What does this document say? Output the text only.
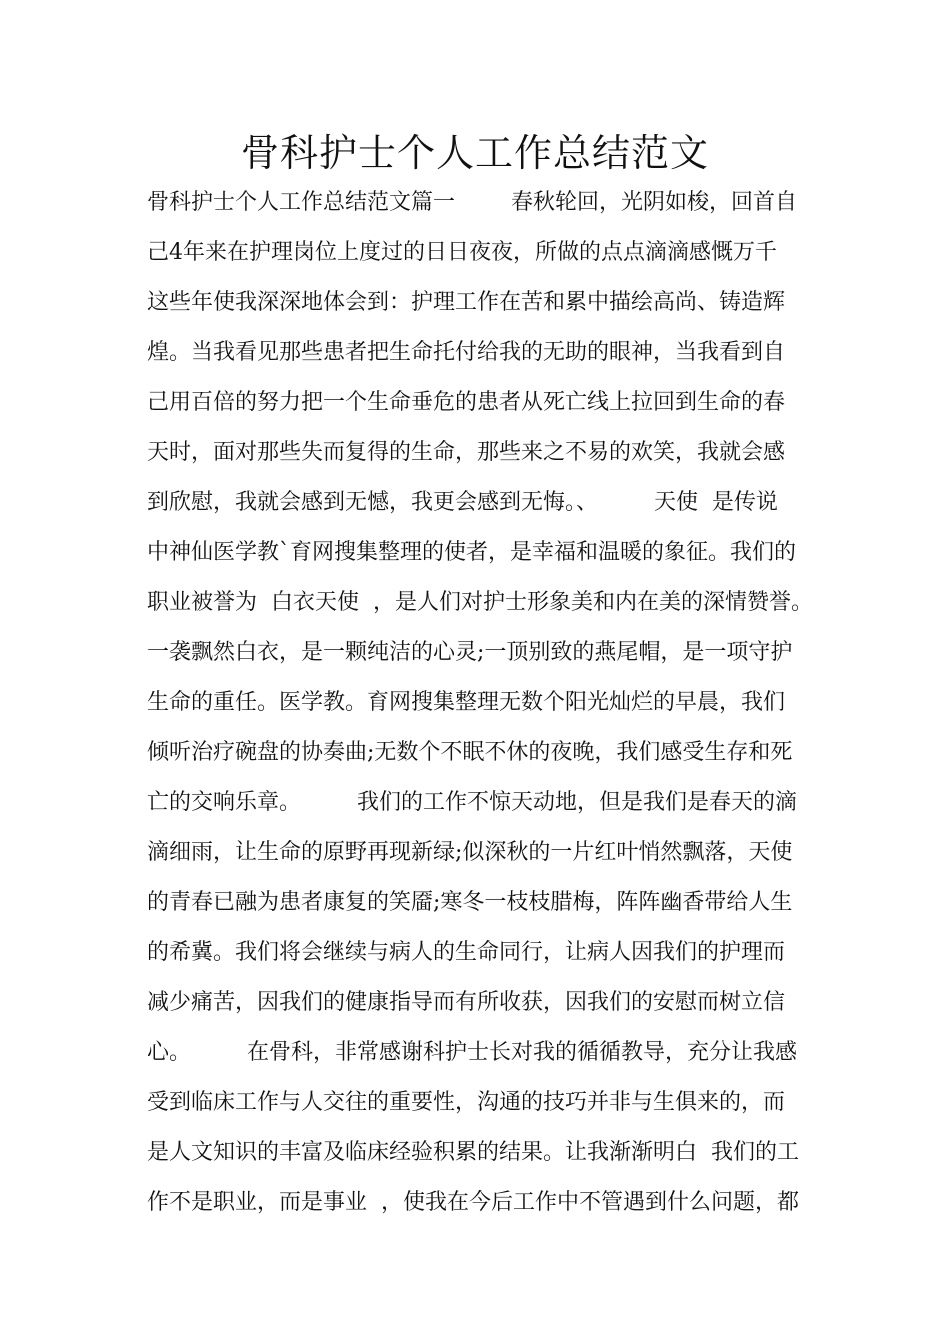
骨科护士个人工作总结范文
骨科护士个人工作总结范文篇一        春秋轮回，光阴如梭，回首自
己4年来在护理岗位上度过的日日夜夜，所做的点点滴滴感慨万千
这些年使我深深地体会到：护理工作在苦和累中描绘高尚、铸造辉
煌。当我看见那些患者把生命托付给我的无助的眼神，当我看到自
己用百倍的努力把一个生命垂危的患者从死亡线上拉回到生命的春
天时，面对那些失而复得的生命，那些来之不易的欢笑，我就会感
到欣慰，我就会感到无憾，我更会感到无悔。、        天使  是传说
中神仙医学教`育网搜集整理的使者，是幸福和温暖的象征。我们的
职业被誉为  白衣天使  ，是人们对护士形象美和内在美的深情赞誉。
一袭飘然白衣，是一颗纯洁的心灵;一顶别致的燕尾帽，是一项守护
生命的重任。医学教。育网搜集整理无数个阳光灿烂的早晨，我们
倾听治疗碗盘的协奏曲;无数个不眠不休的夜晚，我们感受生存和死
亡的交响乐章。        我们的工作不惊天动地，但是我们是春天的滴
滴细雨，让生命的原野再现新绿;似深秋的一片红叶悄然飘落，天使
的青春已融为患者康复的笑靥;寒冬一枝枝腊梅，阵阵幽香带给人生
的希冀。我们将会继续与病人的生命同行，让病人因我们的护理而
减少痛苦，因我们的健康指导而有所收获，因我们的安慰而树立信
心。        在骨科，非常感谢科护士长对我的循循教导，充分让我感
受到临床工作与人交往的重要性，沟通的技巧并非与生俱来的，而
是人文知识的丰富及临床经验积累的结果。让我渐渐明白  我们的工
作不是职业，而是事业  ，使我在今后工作中不管遇到什么问题，都
